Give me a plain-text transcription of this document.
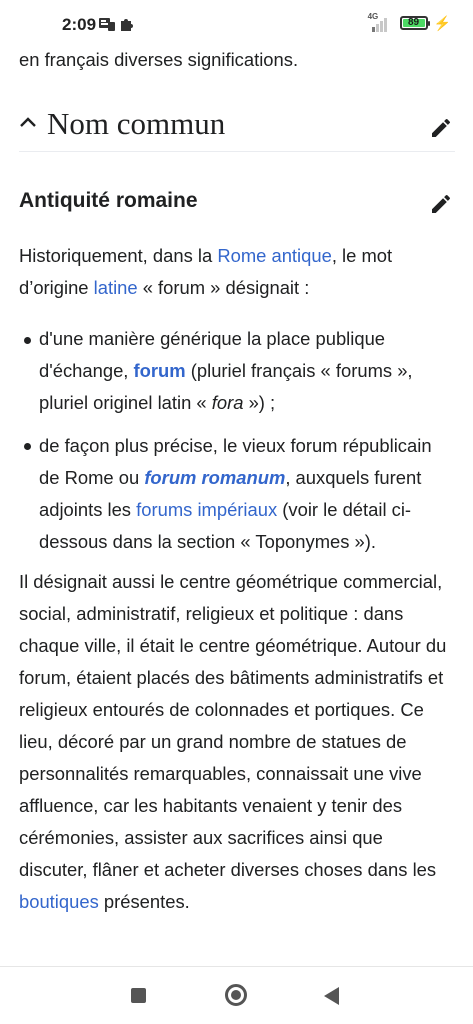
2:09	4G
89	⚡
en français diverses significations.
Nom commun
Antiquité romaine
Historiquement, dans la Rome antique, le mot d’origine latine « forum » désignait :
d'une manière générique la place publique d'échange, forum (pluriel français « forums », pluriel originel latin « fora ») ;
de façon plus précise, le vieux forum républicain de Rome ou forum romanum, auxquels furent adjoints les forums impériaux (voir le détail ci-dessous dans la section « Toponymes »).
Il désignait aussi le centre géométrique commercial, social, administratif, religieux et politique : dans chaque ville, il était le centre géométrique. Autour du forum, étaient placés des bâtiments administratifs et religieux entourés de colonnades et portiques. Ce lieu, décoré par un grand nombre de statues de personnalités remarquables, connaissait une vive affluence, car les habitants venaient y tenir des cérémonies, assister aux sacrifices ainsi que discuter, flâner et acheter diverses choses dans les boutiques présentes.
